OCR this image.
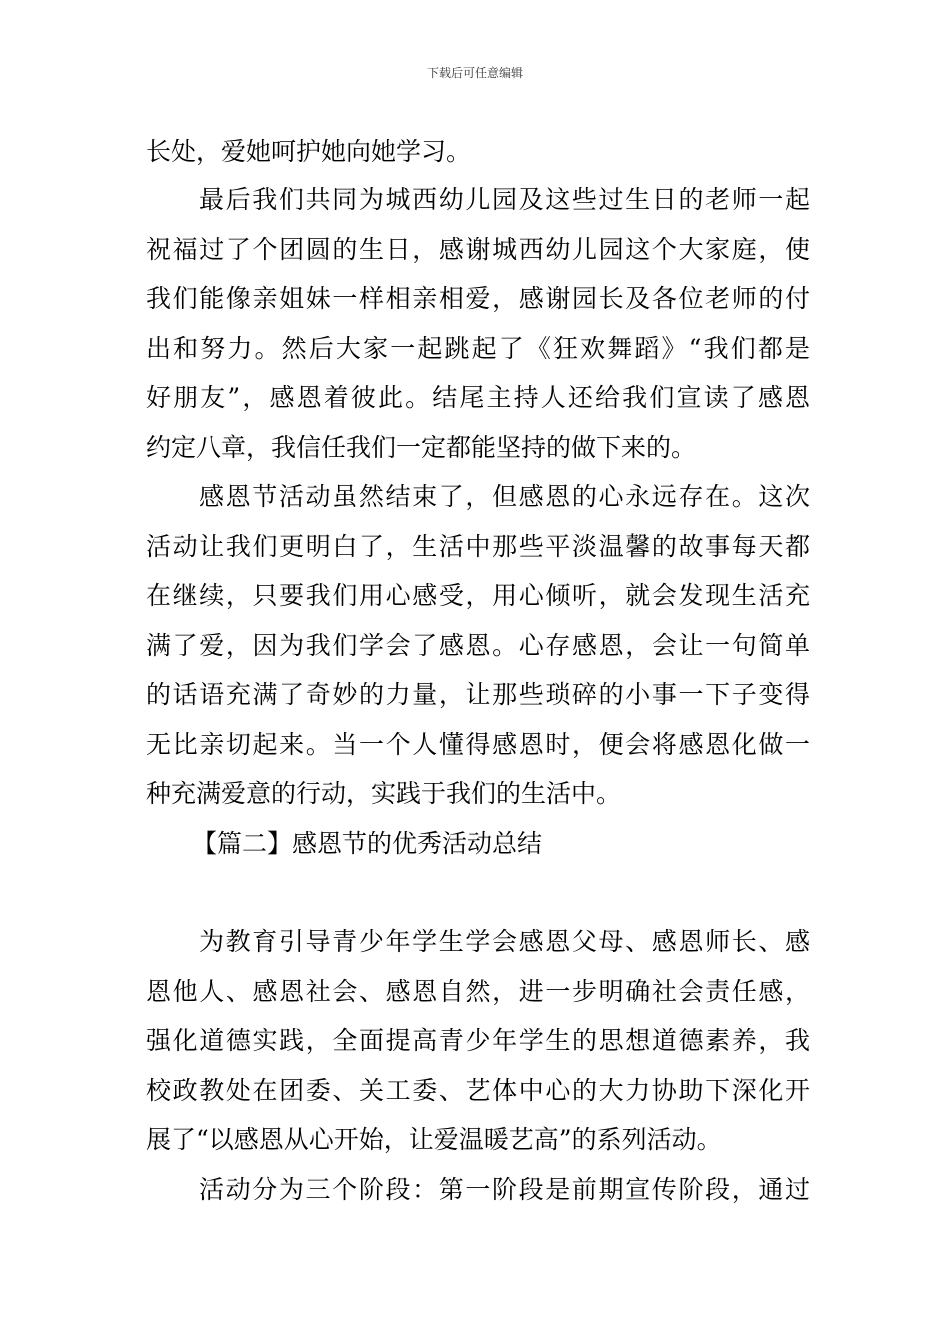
下载后可任意编辑
长处，爱她呵护她向她学习。
最后我们共同为城西幼儿园及这些过生日的老师一起
祝福过了个团圆的生日，感谢城西幼儿园这个大家庭，使
我们能像亲姐妹一样相亲相爱，感谢园长及各位老师的付
出和努力。然后大家一起跳起了《狂欢舞蹈》“我们都是
好朋友”，感恩着彼此。结尾主持人还给我们宣读了感恩
约定八章，我信任我们一定都能坚持的做下来的。
感恩节活动虽然结束了，但感恩的心永远存在。这次
活动让我们更明白了，生活中那些平淡温馨的故事每天都
在继续，只要我们用心感受，用心倾听，就会发现生活充
满了爱，因为我们学会了感恩。心存感恩，会让一句简单
的话语充满了奇妙的力量，让那些琐碎的小事一下子变得
无比亲切起来。当一个人懂得感恩时，便会将感恩化做一
种充满爱意的行动，实践于我们的生活中。
【篇二】感恩节的优秀活动总结
为教育引导青少年学生学会感恩父母、感恩师长、感
恩他人、感恩社会、感恩自然，进一步明确社会责任感，
强化道德实践，全面提高青少年学生的思想道德素养，我
校政教处在团委、关工委、艺体中心的大力协助下深化开
展了“以感恩从心开始，让爱温暖艺高”的系列活动。
活动分为三个阶段：第一阶段是前期宣传阶段，通过
